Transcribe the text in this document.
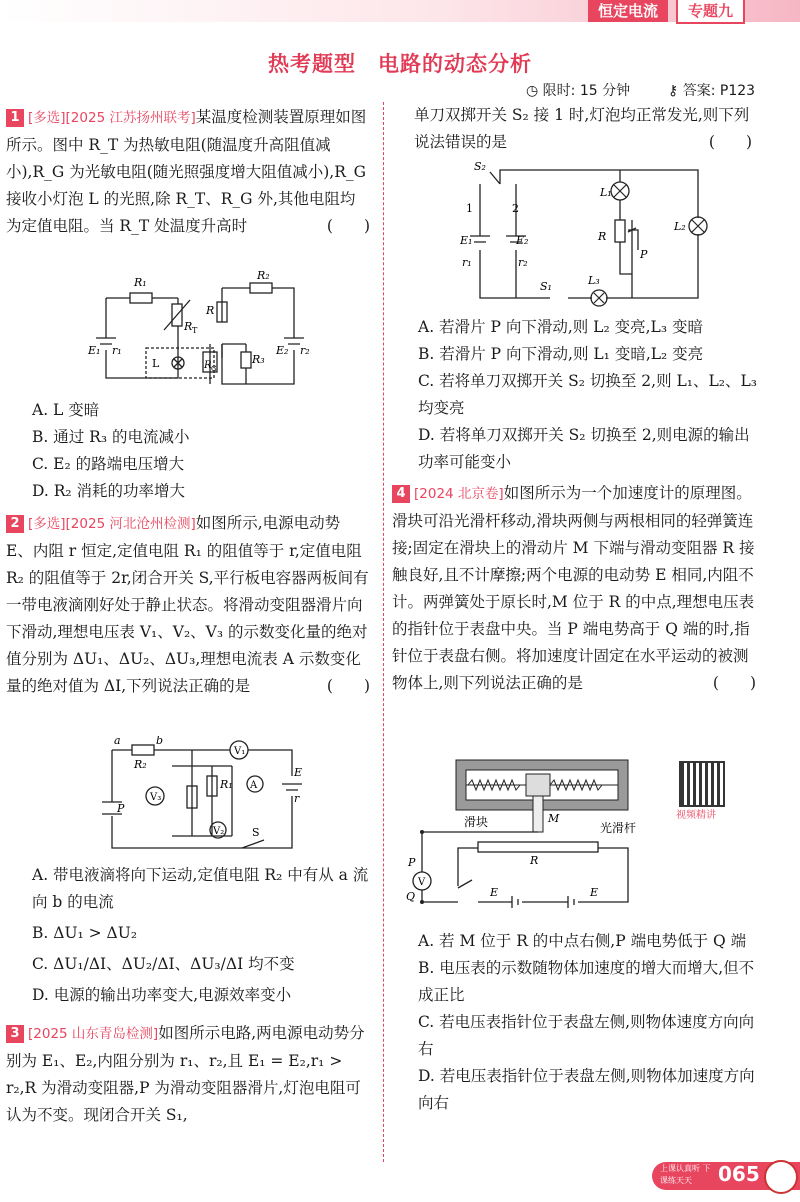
恒定电流	专题九
热考题型　电路的动态分析
◷ 限时: 15 分钟	⚷ 答案: P123
1 [多选][2025 江苏扬州联考]某温度检测装置原理如图所示。图中 R_T 为热敏电阻(随温度升高阻值减小),R_G 为光敏电阻(随光照强度增大阻值减小),R_G 接收小灯泡 L 的光照,除 R_T、R_G 外,其他电阻均为定值电阻。当 R_T 处温度升高时	(　　)
R₁
R T
R₂
R
R₃
E₁ r₁	E₂ r₂
L	R G
A. L 变暗
B. 通过 R₃ 的电流减小
C. E₂ 的路端电压增大
D. R₂ 消耗的功率增大
2 [多选][2025 河北沧州检测]如图所示,电源电动势 E、内阻 r 恒定,定值电阻 R₁ 的阻值等于 r,定值电阻 R₂ 的阻值等于 2r,闭合开关 S,平行板电容器两板间有一带电液滴刚好处于静止状态。将滑动变阻器滑片向下滑动,理想电压表 V₁、V₂、V₃ 的示数变化量的绝对值分别为 ΔU₁、ΔU₂、ΔU₃,理想电流表 A 示数变化量的绝对值为 ΔI,下列说法正确的是	(　　)
a	b
R₂
P
V₃
V₁
A
V₂
R₁
E
r
S
A. 带电液滴将向下运动,定值电阻 R₂ 中有从 a 流向 b 的电流
B. ΔU₁ > ΔU₂
C. ΔU₁/ΔI、ΔU₂/ΔI、ΔU₃/ΔI 均不变
D. 电源的输出功率变大,电源效率变小
3 [2025 山东青岛检测]如图所示电路,两电源电动势分别为 E₁、E₂,内阻分别为 r₁、r₂,且 E₁ = E₂,r₁ > r₂,R 为滑动变阻器,P 为滑动变阻器滑片,灯泡电阻可认为不变。现闭合开关 S₁,
单刀双掷开关 S₂ 接 1 时,灯泡均正常发光,则下列说法错误的是	(　　)
S₂
1	2
E₁
r₁
E₂
r₂
S₁	L₃
L₁
L₂
R
P
A. 若滑片 P 向下滑动,则 L₂ 变亮,L₃ 变暗
B. 若滑片 P 向下滑动,则 L₁ 变暗,L₂ 变亮
C. 若将单刀双掷开关 S₂ 切换至 2,则 L₁、L₂、L₃ 均变亮
D. 若将单刀双掷开关 S₂ 切换至 2,则电源的输出功率可能变小
4 [2024 北京卷]如图所示为一个加速度计的原理图。滑块可沿光滑杆移动,滑块两侧与两根相同的轻弹簧连接;固定在滑块上的滑动片 M 下端与滑动变阻器 R 接触良好,且不计摩擦;两个电源的电动势 E 相同,内阻不计。两弹簧处于原长时,M 位于 R 的中点,理想电压表的指针位于表盘中央。当 P 端电势高于 Q 端的时,指针位于表盘右侧。将加速度计固定在水平运动的被测物体上,则下列说法正确的是	(　　)
V
P
Q
R
M
E	E
滑块	光滑杆
视频精讲
A. 若 M 位于 R 的中点右侧,P 端电势低于 Q 端
B. 电压表的示数随物体加速度的增大而增大,但不成正比
C. 若电压表指针位于表盘左侧,则物体速度方向向右
D. 若电压表指针位于表盘左侧,则物体加速度方向向右
上课认真听 下课练天天	065
